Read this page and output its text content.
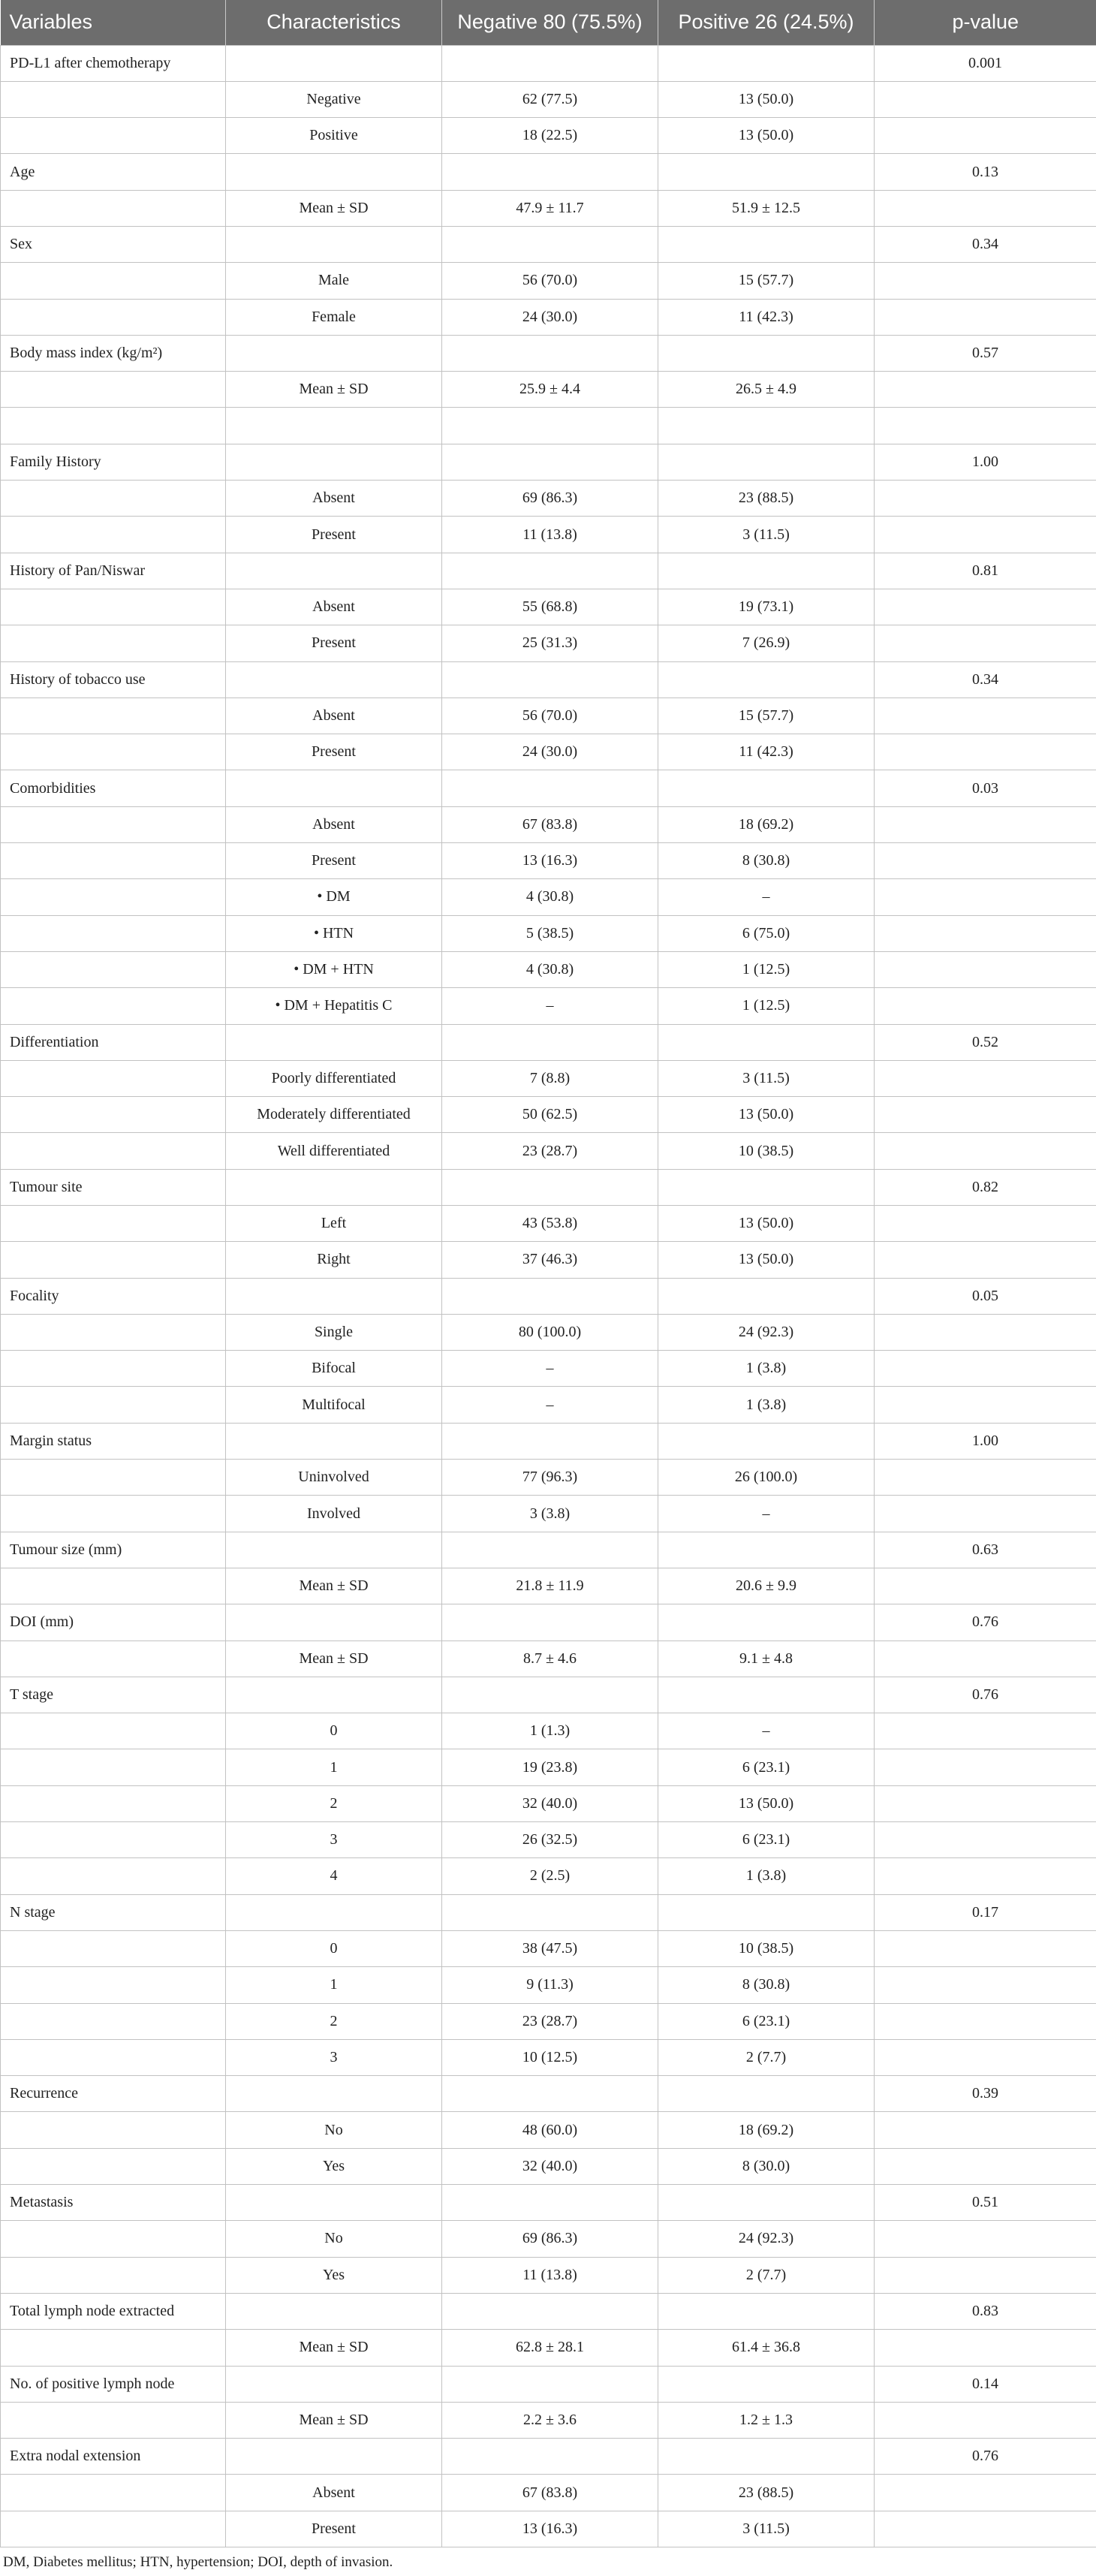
Variables	Characteristics	Negative 80 (75.5%)	Positive 26 (24.5%)	p-value
PD-L1 after chemotherapy				0.001
	Negative	62 (77.5)	13 (50.0)	
	Positive	18 (22.5)	13 (50.0)	
Age				0.13
	Mean ± SD	47.9 ± 11.7	51.9 ± 12.5	
Sex				0.34
	Male	56 (70.0)	15 (57.7)	
	Female	24 (30.0)	11 (42.3)	
Body mass index (kg/m²)				0.57
	Mean ± SD	25.9 ± 4.4	26.5 ± 4.9	

Family History				1.00
	Absent	69 (86.3)	23 (88.5)	
	Present	11 (13.8)	3 (11.5)	
History of Pan/Niswar				0.81
	Absent	55 (68.8)	19 (73.1)	
	Present	25 (31.3)	7 (26.9)	
History of tobacco use				0.34
	Absent	56 (70.0)	15 (57.7)	
	Present	24 (30.0)	11 (42.3)	
Comorbidities				0.03
	Absent	67 (83.8)	18 (69.2)	
	Present	13 (16.3)	8 (30.8)	
	• DM	4 (30.8)	–	
	• HTN	5 (38.5)	6 (75.0)	
	• DM + HTN	4 (30.8)	1 (12.5)	
	• DM + Hepatitis C	–	1 (12.5)	
Differentiation				0.52
	Poorly differentiated	7 (8.8)	3 (11.5)	
	Moderately differentiated	50 (62.5)	13 (50.0)	
	Well differentiated	23 (28.7)	10 (38.5)	
Tumour site				0.82
	Left	43 (53.8)	13 (50.0)	
	Right	37 (46.3)	13 (50.0)	
Focality				0.05
	Single	80 (100.0)	24 (92.3)	
	Bifocal	–	1 (3.8)	
	Multifocal	–	1 (3.8)	
Margin status				1.00
	Uninvolved	77 (96.3)	26 (100.0)	
	Involved	3 (3.8)	–	
Tumour size (mm)				0.63
	Mean ± SD	21.8 ± 11.9	20.6 ± 9.9	
DOI (mm)				0.76
	Mean ± SD	8.7 ± 4.6	9.1 ± 4.8	
T stage				0.76
	0	1 (1.3)	–	
	1	19 (23.8)	6 (23.1)	
	2	32 (40.0)	13 (50.0)	
	3	26 (32.5)	6 (23.1)	
	4	2 (2.5)	1 (3.8)	
N stage				0.17
	0	38 (47.5)	10 (38.5)	
	1	9 (11.3)	8 (30.8)	
	2	23 (28.7)	6 (23.1)	
	3	10 (12.5)	2 (7.7)	
Recurrence				0.39
	No	48 (60.0)	18 (69.2)	
	Yes	32 (40.0)	8 (30.0)	
Metastasis				0.51
	No	69 (86.3)	24 (92.3)	
	Yes	11 (13.8)	2 (7.7)	
Total lymph node extracted				0.83
	Mean ± SD	62.8 ± 28.1	61.4 ± 36.8	
No. of positive lymph node				0.14
	Mean ± SD	2.2 ± 3.6	1.2 ± 1.3	
Extra nodal extension				0.76
	Absent	67 (83.8)	23 (88.5)	
	Present	13 (16.3)	3 (11.5)	
DM, Diabetes mellitus; HTN, hypertension; DOI, depth of invasion.
